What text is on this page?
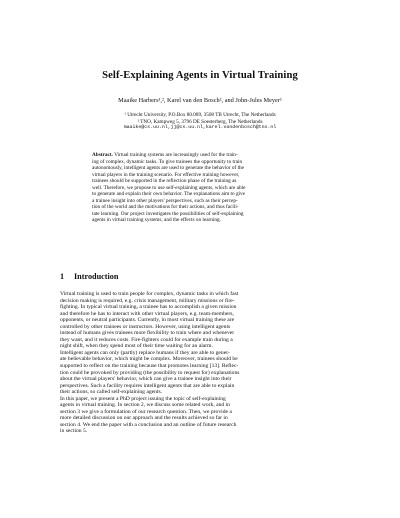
Self-Explaining Agents in Virtual Training
Maaike Harbers¹,², Karel van den Bosch², and John-Jules Meyer¹
¹ Utrecht University, P.O.Box 80.089, 3508 TB Utrecht, The Netherlands
² TNO, Kampweg 5, 3796 DE Soesterberg, The Netherlands
maaike@cs.uu.nl,jj@cs.uu.nl,karel.vandenbosch@tno.nl
Abstract. Virtual training systems are increasingly used for the train-
ing of complex, dynamic tasks. To give trainees the opportunity to train
autonomously, intelligent agents are used to generate the behavior of the
virtual players in the training scenario. For effective training however,
trainees should be supported in the reflection phase of the training as
well. Therefore, we propose to use self-explaining agents, which are able
to generate and explain their own behavior. The explanations aim to give
a trainee insight into other players' perspectives, such as their percep-
tion of the world and the motivations for their actions, and thus facili-
tate learning. Our project investigates the possibilities of self-explaining
agents in virtual training systems, and the effects on learning.
1 Introduction
Virtual training is used to train people for complex, dynamic tasks in which fast
decision making is required, e.g. crisis management, military missions or fire-
fighting. In typical virtual training, a trainee has to accomplish a given mission
and therefore he has to interact with other virtual players, e.g. team-members,
opponents, or neutral participants. Currently, in most virtual training these are
controlled by other trainees or instructors. However, using intelligent agents
instead of humans gives trainees more flexibility to train where and whenever
they want, and it reduces costs. Fire-fighters could for example train during a
night shift, when they spend most of their time waiting for an alarm.
Intelligent agents can only (partly) replace humans if they are able to gener-
ate believable behavior, which might be complex. Moreover, trainees should be
supported to reflect on the training because that promotes learning [13]. Reflec-
tion could be provoked by providing (the possibility to request for) explanations
about the virtual players' behavior, which can give a trainee insight into their
perspectives. Such a facility requires intelligent agents that are able to explain
their actions, so called self-explaining agents.
In this paper, we present a PhD project issuing the topic of self-explaining
agents in virtual training. In section 2, we discuss some related work, and in
section 3 we give a formulation of our research question. Then, we provide a
more detailed discussion on our approach and the results achieved so far in
section 4. We end the paper with a conclusion and an outline of future research
in section 5.
